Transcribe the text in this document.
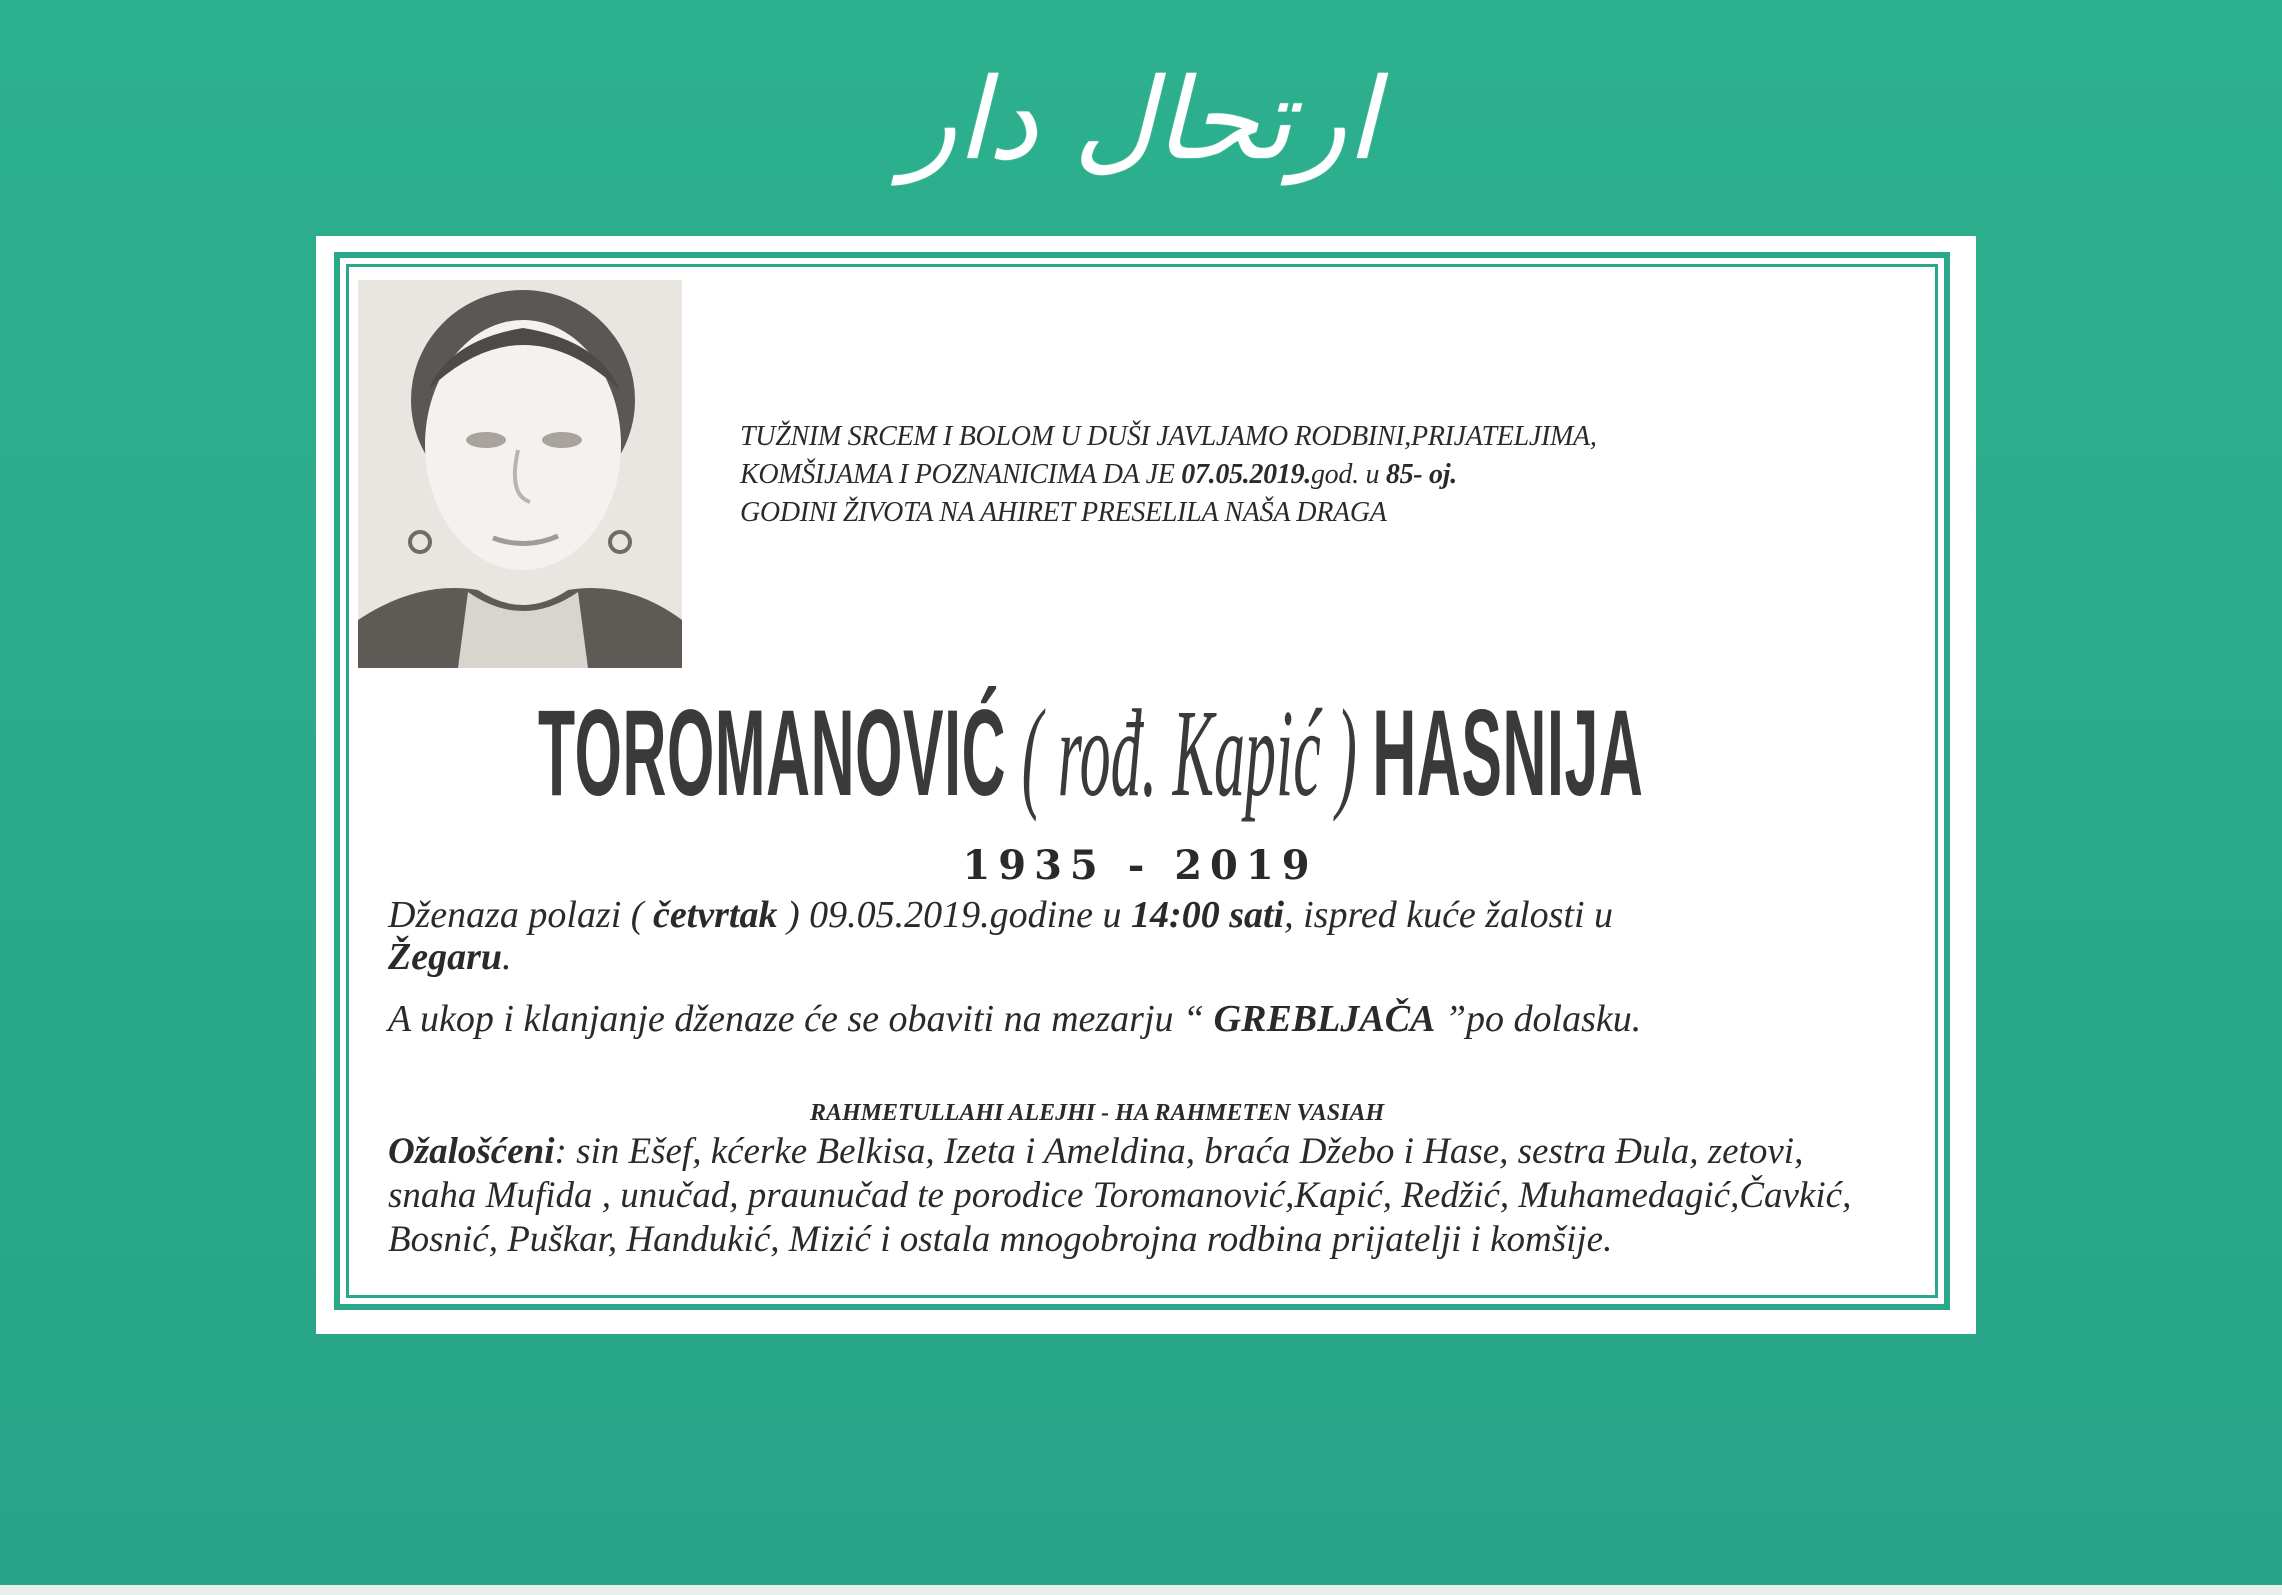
ارتحال دار
TUŽNIM SRCEM I BOLOM U DUŠI JAVLJAMO RODBINI,PRIJATELJIMA,
KOMŠIJAMA I POZNANICIMA DA JE 07.05.2019.god. u 85- oj.
GODINI ŽIVOTA NA AHIRET PRESELILA NAŠA DRAGA
TOROMANOVIĆ ( rođ. Kapić ) HASNIJA
1935 - 2019
Dženaza polazi ( četvrtak ) 09.05.2019.godine u 14:00 sati, ispred kuće žalosti u
Žegaru.
A ukop i klanjanje dženaze će se obaviti na mezarju “ GREBLJAČA ”po dolasku.
RAHMETULLAHI ALEJHI - HA RAHMETEN VASIAH
Ožalošćeni: sin Ešef, kćerke Belkisa, Izeta i Ameldina, braća Džebo i Hase, sestra Đula, zetovi, snaha Mufida , unučad, praunučad te porodice Toromanović,Kapić, Redžić, Muhamedagić,Čavkić, Bosnić, Puškar, Handukić, Mizić i ostala mnogobrojna rodbina prijatelji i komšije.
